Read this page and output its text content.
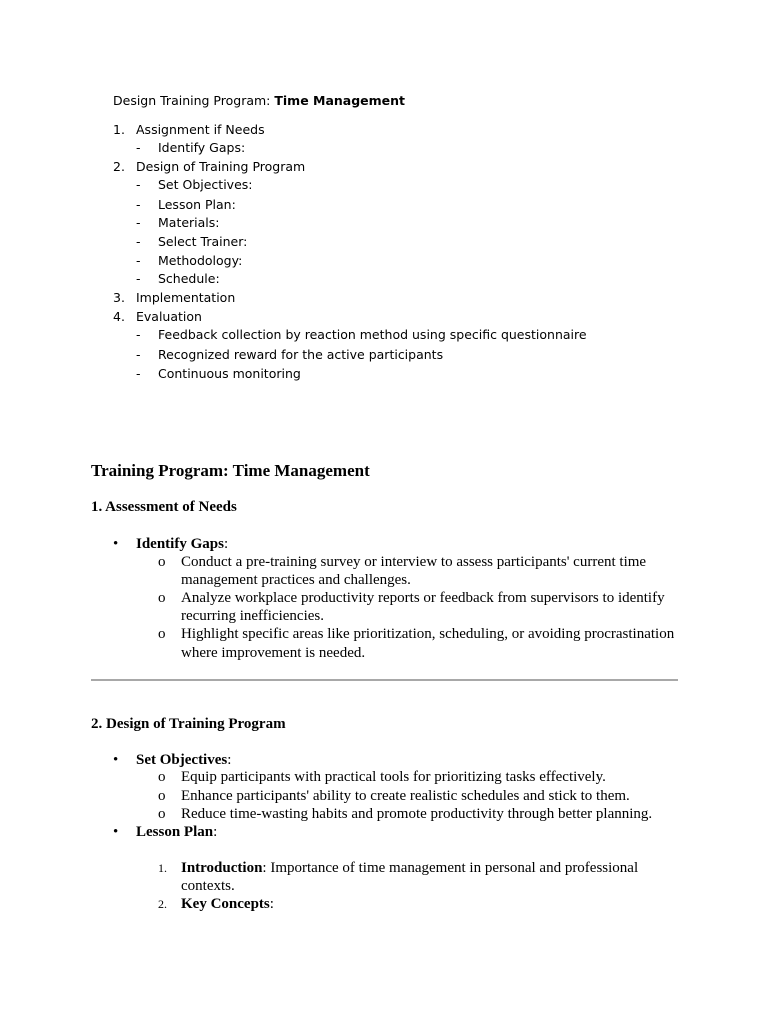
Design Training Program: Time Management
1. Assignment if Needs
- Identify Gaps:
2. Design of Training Program
- Set Objectives:
- Lesson Plan:
- Materials:
- Select Trainer:
- Methodology:
- Schedule:
3. Implementation
4. Evaluation
- Feedback collection by reaction method using specific questionnaire
- Recognized reward for the active participants
- Continuous monitoring
Training Program: Time Management
1. Assessment of Needs
• Identify Gaps:
o Conduct a pre-training survey or interview to assess participants' current time
management practices and challenges.
o Analyze workplace productivity reports or feedback from supervisors to identify
recurring inefficiencies.
o Highlight specific areas like prioritization, scheduling, or avoiding procrastination
where improvement is needed.
2. Design of Training Program
• Set Objectives:
o Equip participants with practical tools for prioritizing tasks effectively.
o Enhance participants' ability to create realistic schedules and stick to them.
o Reduce time-wasting habits and promote productivity through better planning.
• Lesson Plan:
1. Introduction: Importance of time management in personal and professional
contexts.
2. Key Concepts:
